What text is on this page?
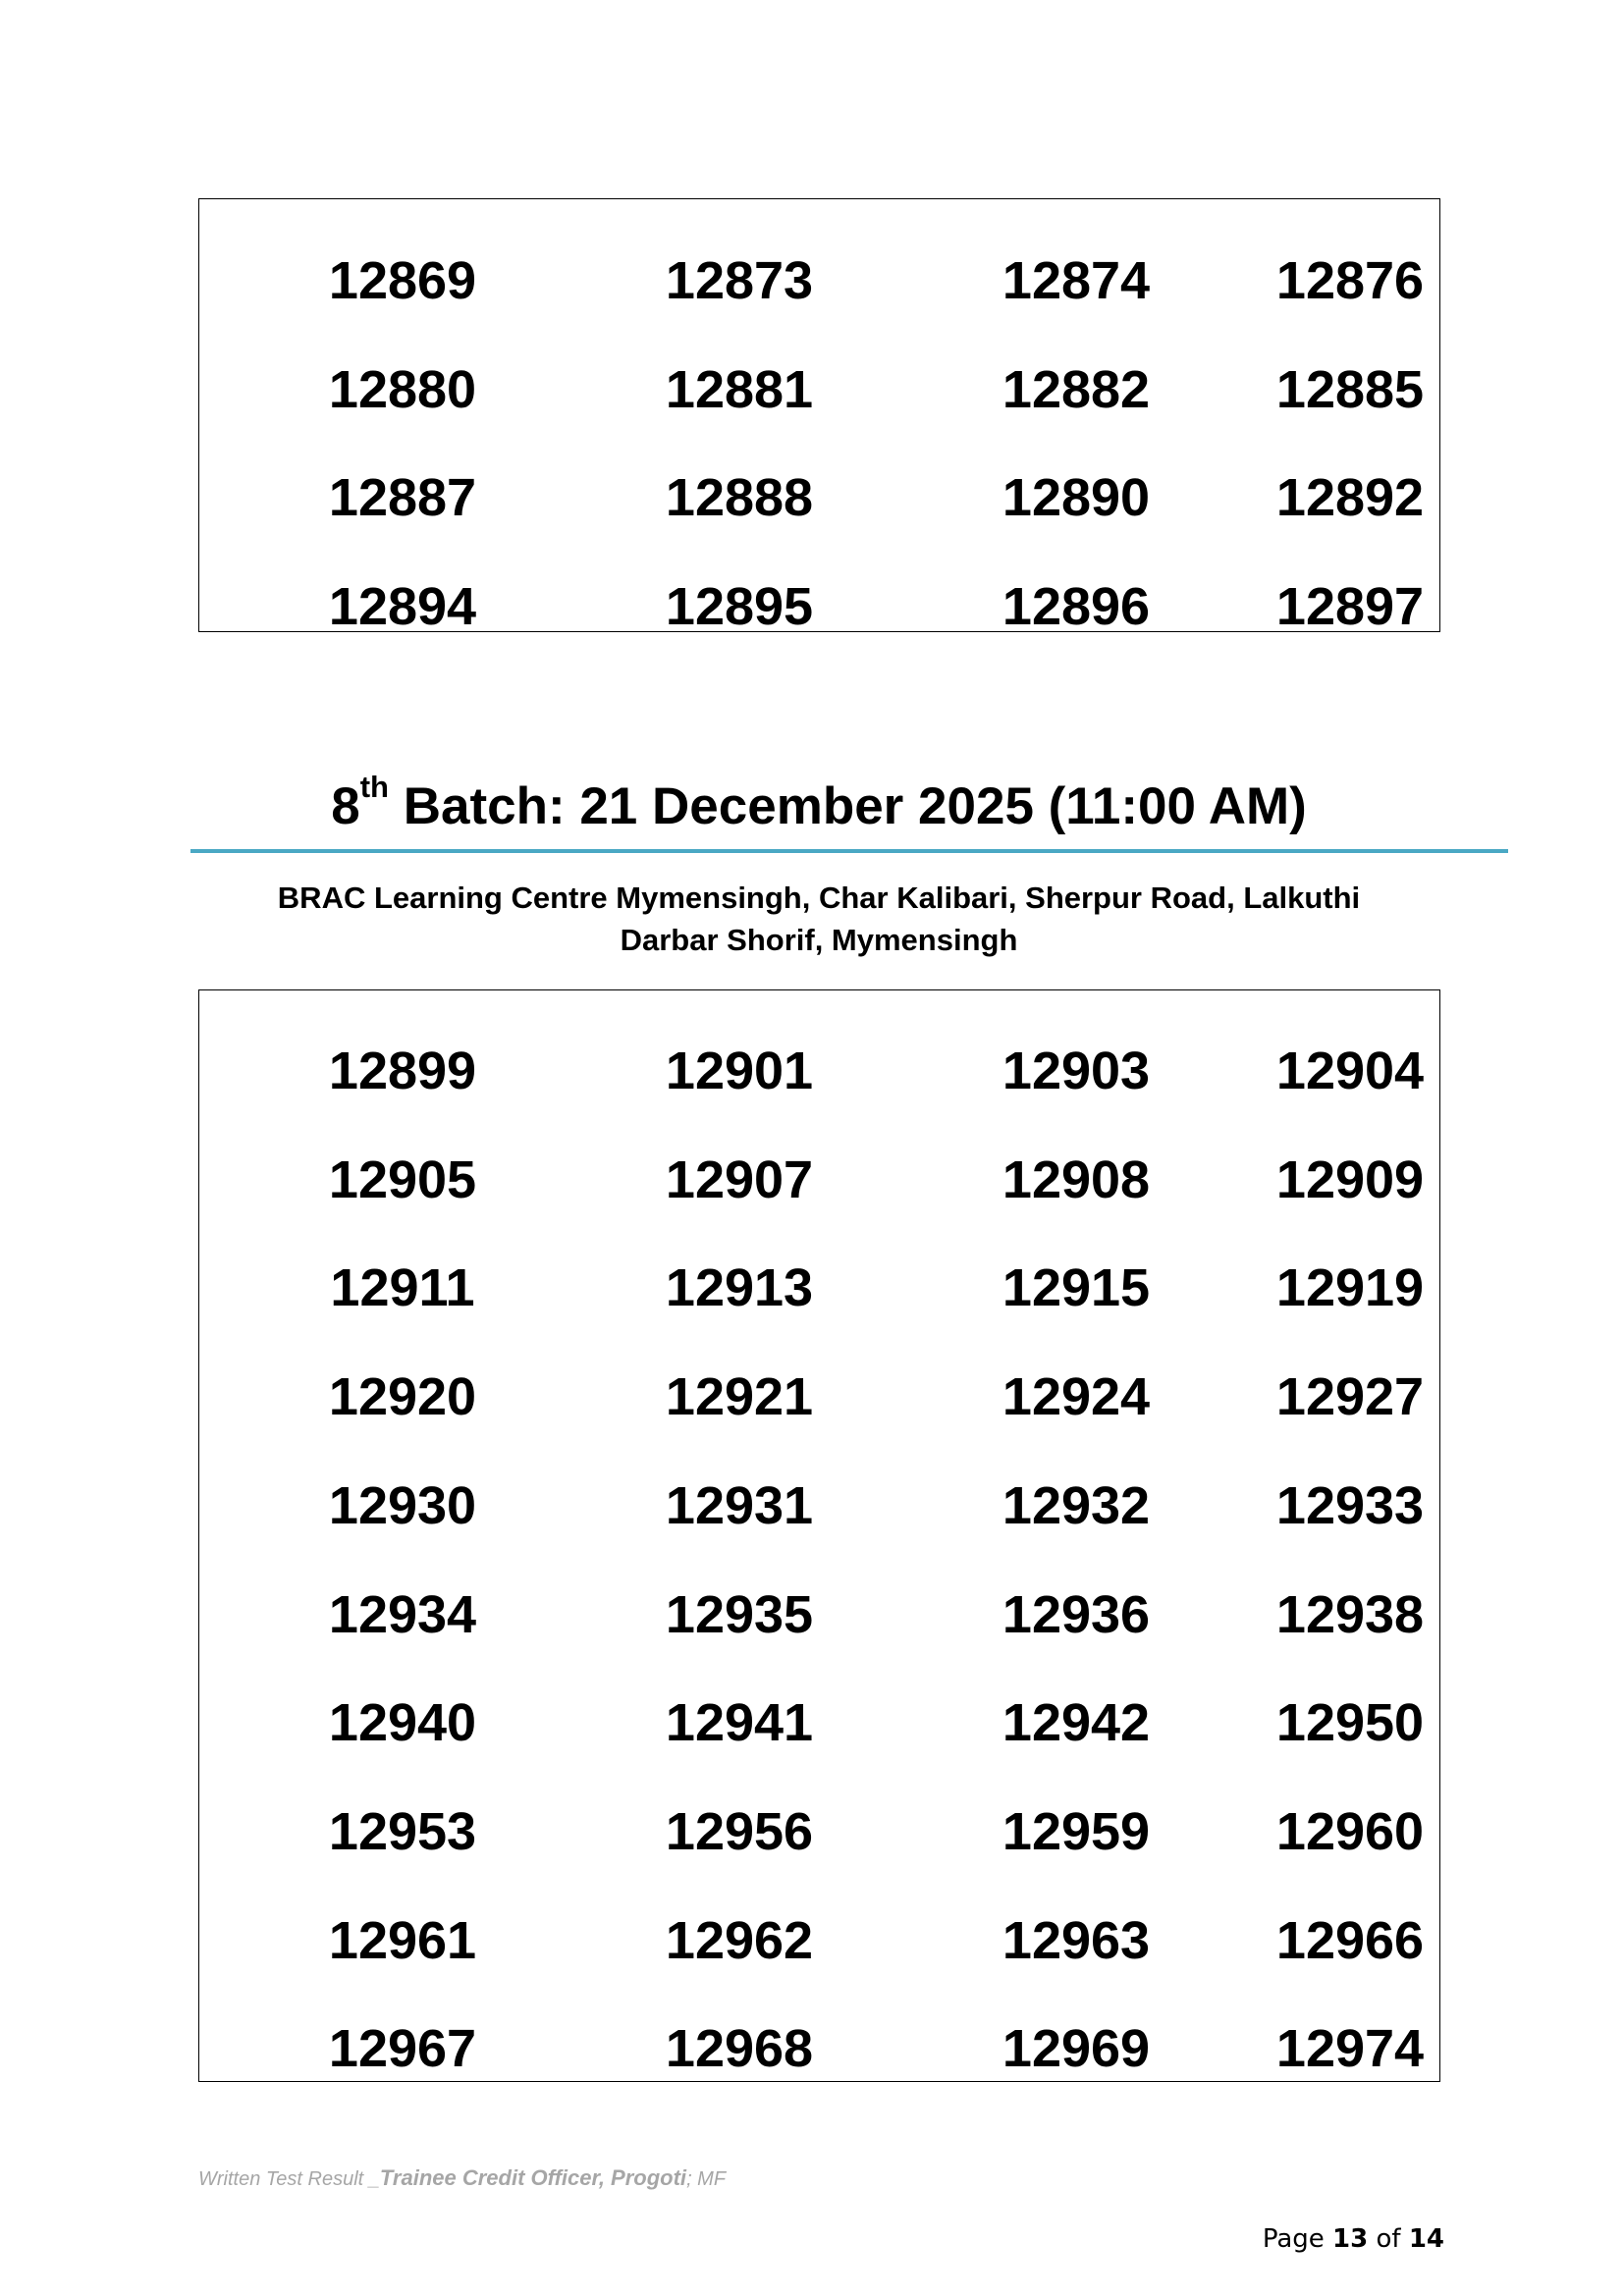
12869	12873	12874 12876
12880	12881	12882 12885
12887	12888	12890 12892
12894	12895	12896 12897
8th Batch: 21 December 2025 (11:00 AM)
BRAC Learning Centre Mymensingh, Char Kalibari, Sherpur Road, Lalkuthi
Darbar Shorif, Mymensingh
12899	12901	12903 12904
12905	12907	12908 12909
12911	12913	12915 12919
12920	12921	12924 12927
12930	12931	12932 12933
12934	12935	12936 12938
12940	12941	12942 12950
12953	12956	12959 12960
12961	12962	12963 12966
12967	12968	12969 12974
Written Test Result _Trainee Credit Officer, Progoti; MF
Page 13 of 14
